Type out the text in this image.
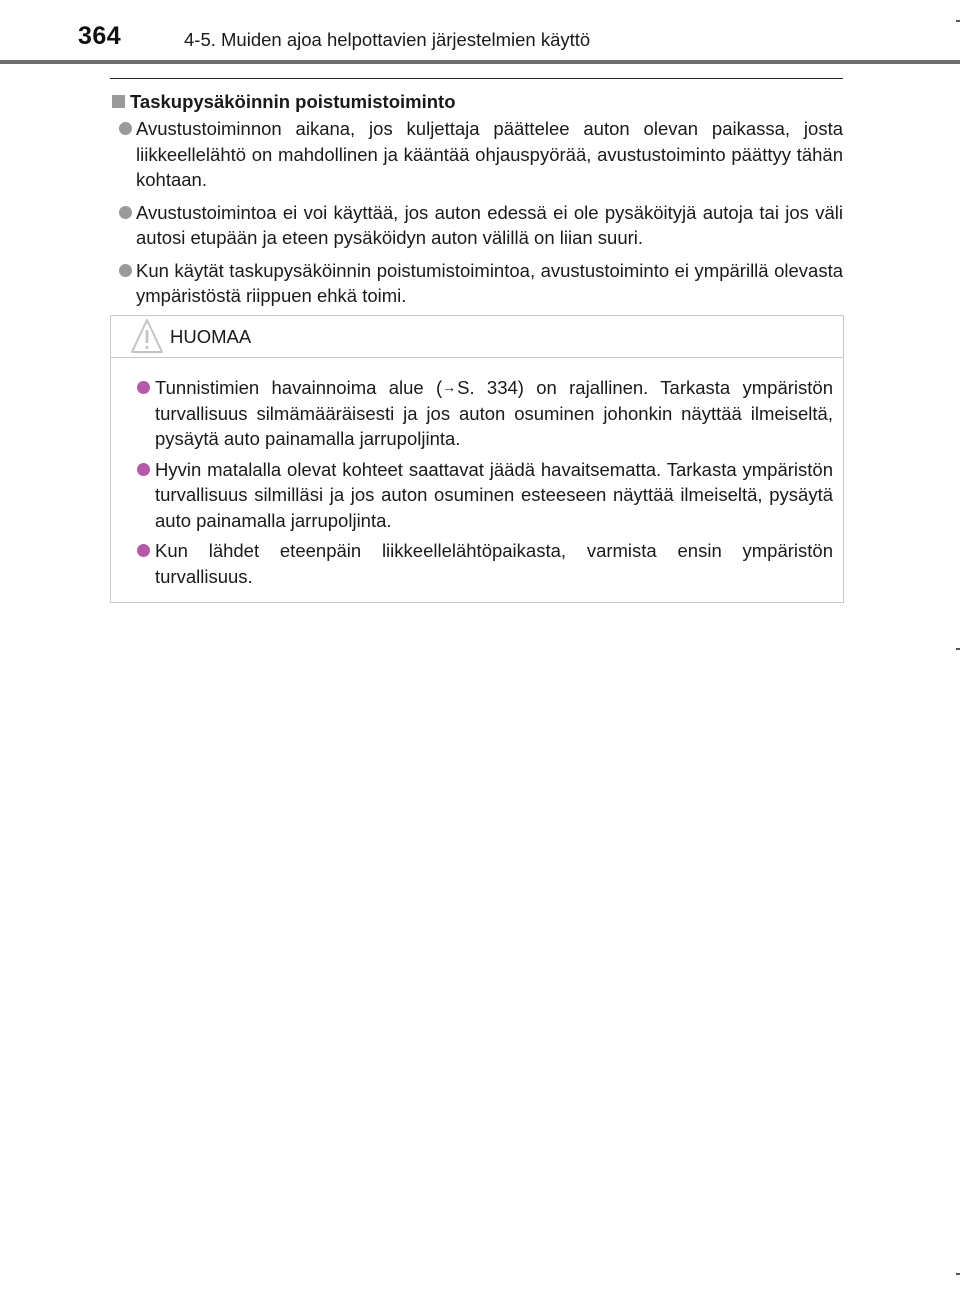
364	4-5. Muiden ajoa helpottavien järjestelmien käyttö
Taskupysäköinnin poistumistoiminto
Avustustoiminnon aikana, jos kuljettaja päättelee auton olevan paikassa, josta liikkeellelähtö on mahdollinen ja kääntää ohjauspyörää, avustustoiminto päättyy tähän kohtaan.
Avustustoimintoa ei voi käyttää, jos auton edessä ei ole pysäköityjä autoja tai jos väli autosi etupään ja eteen pysäköidyn auton välillä on liian suuri.
Kun käytät taskupysäköinnin poistumistoimintoa, avustustoiminto ei ympärillä olevasta ympäristöstä riippuen ehkä toimi.
HUOMAA
Tunnistimien havainnoima alue (→S. 334) on rajallinen. Tarkasta ympäristön turvallisuus silmämääräisesti ja jos auton osuminen johonkin näyttää ilmeiseltä, pysäytä auto painamalla jarrupoljinta.
Hyvin matalalla olevat kohteet saattavat jäädä havaitsematta. Tarkasta ympäristön turvallisuus silmilläsi ja jos auton osuminen esteeseen näyttää ilmeiseltä, pysäytä auto painamalla jarrupoljinta.
Kun lähdet eteenpäin liikkeellelähtöpaikasta, varmista ensin ympäristön turvallisuus.
